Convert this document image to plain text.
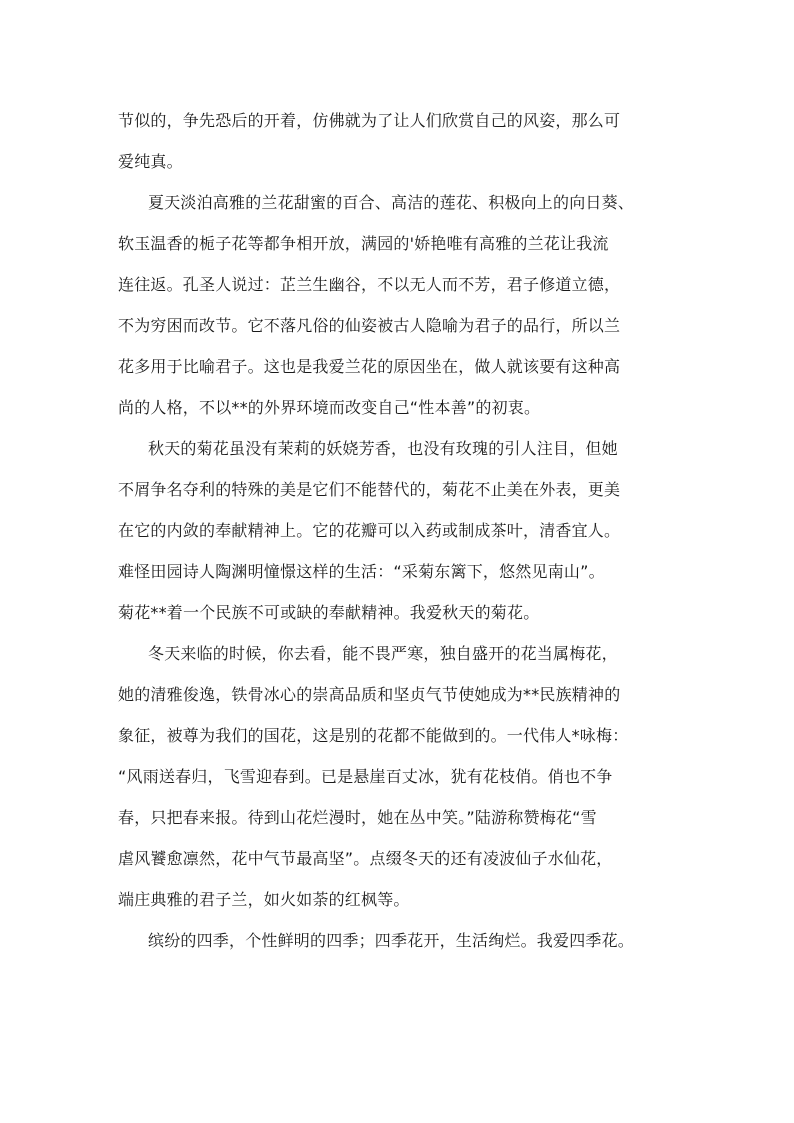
节似的，争先恐后的开着，仿佛就为了让人们欣赏自己的风姿，那么可
爱纯真。
夏天淡泊高雅的兰花甜蜜的百合、高洁的莲花、积极向上的向日葵、
软玉温香的栀子花等都争相开放，满园的'娇艳唯有高雅的兰花让我流
连往返。孔圣人说过：芷兰生幽谷，不以无人而不芳，君子修道立德，
不为穷困而改节。它不落凡俗的仙姿被古人隐喻为君子的品行，所以兰
花多用于比喻君子。这也是我爱兰花的原因坐在，做人就该要有这种高
尚的人格，不以**的外界环境而改变自己“性本善”的初衷。
秋天的菊花虽没有茉莉的妖娆芳香，也没有玫瑰的引人注目，但她
不屑争名夺利的特殊的美是它们不能替代的，菊花不止美在外表，更美
在它的内敛的奉献精神上。它的花瓣可以入药或制成茶叶，清香宜人。
难怪田园诗人陶渊明憧憬这样的生活：“采菊东篱下，悠然见南山”。
菊花**着一个民族不可或缺的奉献精神。我爱秋天的菊花。
冬天来临的时候，你去看，能不畏严寒，独自盛开的花当属梅花，
她的清雅俊逸，铁骨冰心的崇高品质和坚贞气节使她成为**民族精神的
象征，被尊为我们的国花，这是别的花都不能做到的。一代伟人*咏梅：
“风雨送春归，飞雪迎春到。已是悬崖百丈冰，犹有花枝俏。俏也不争
春，只把春来报。待到山花烂漫时，她在丛中笑。”陆游称赞梅花“雪
虐风饕愈凛然，花中气节最高坚”。点缀冬天的还有凌波仙子水仙花，
端庄典雅的君子兰，如火如荼的红枫等。
缤纷的四季，个性鲜明的四季；四季花开，生活绚烂。我爱四季花。
